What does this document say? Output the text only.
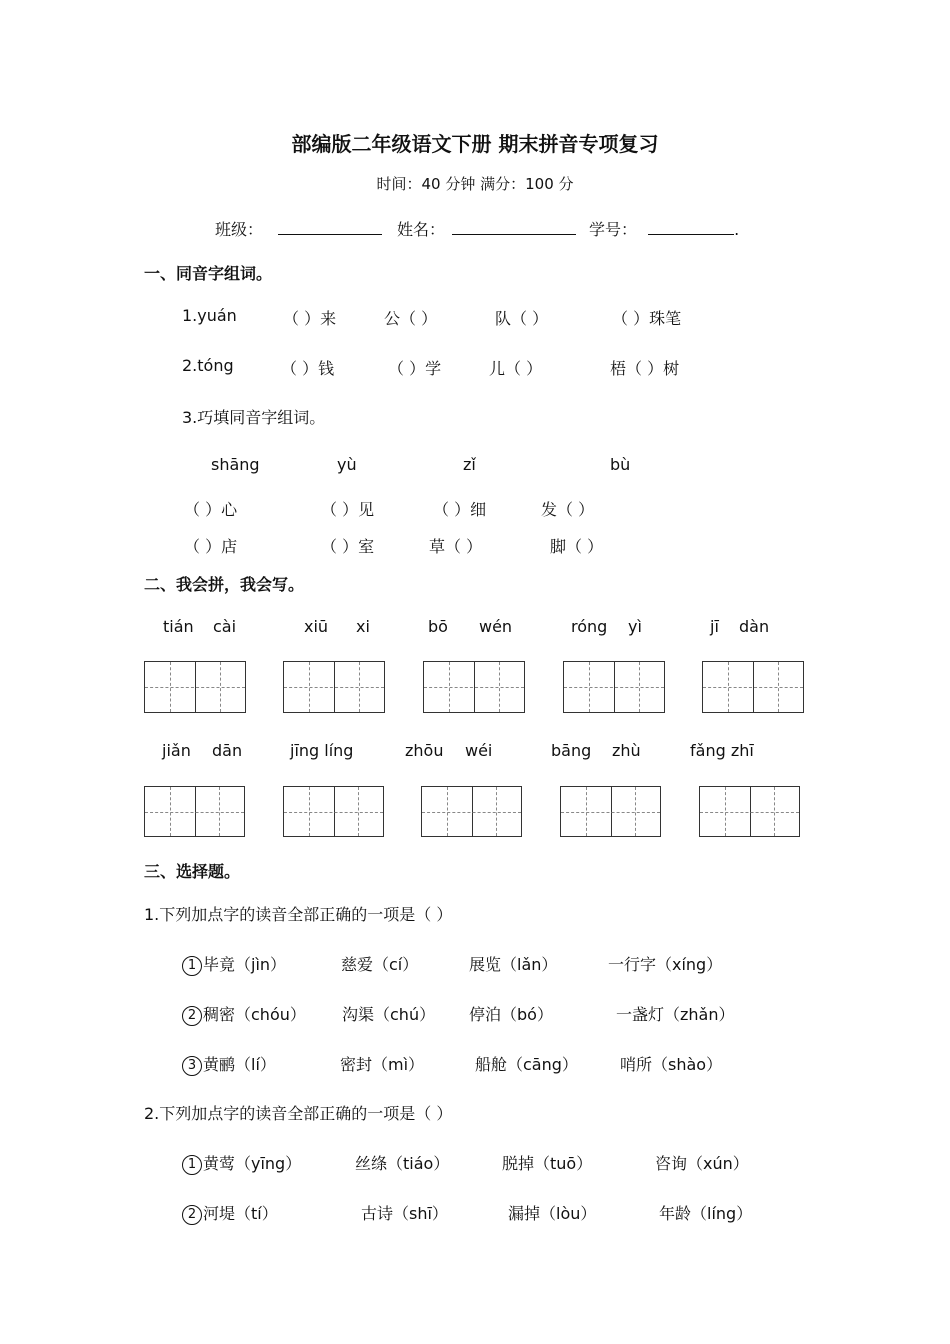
部编版二年级语文下册 期末拼音专项复习
时间：40 分钟 满分：100 分
班级：	姓名：	学号：	.
一、同音字组词。
1.yuán	（ ）来	公（ ）	队（ ）	（ ）珠笔
2.tóng	（ ）钱	（ ）学	儿（ ）	梧（ ）树
3.巧填同音字组词。
shāng	yù	zǐ	bù
（ ）心	（ ）见	（ ）细	发（ ）
（ ）店	（ ）室	草（ ）	脚（ ）
二、我会拼，我会写。
tián cài	xiū xi	bō wén	róng yì	jī dàn
jiǎn dān	jīng líng	zhōu wéi	bāng zhù	fǎng zhī
三、选择题。
1.下列加点字的读音全部正确的一项是（ ）
1 毕竟（jìn）	慈爱（cí）	展览（lǎn）	一行字（xíng）
2 稠密（chóu） 沟渠（chú） 停泊（bó）	一盏灯（zhǎn）
3 黄鹂（lí）	密封（mì）	船舱（cāng）	哨所（shào）
2.下列加点字的读音全部正确的一项是（ ）
1 黄莺（yīng）	丝绦（tiáo）	脱掉（tuō）	咨询（xún）
2 河堤（tí）	古诗（shī）	漏掉（lòu）	年龄（líng）
